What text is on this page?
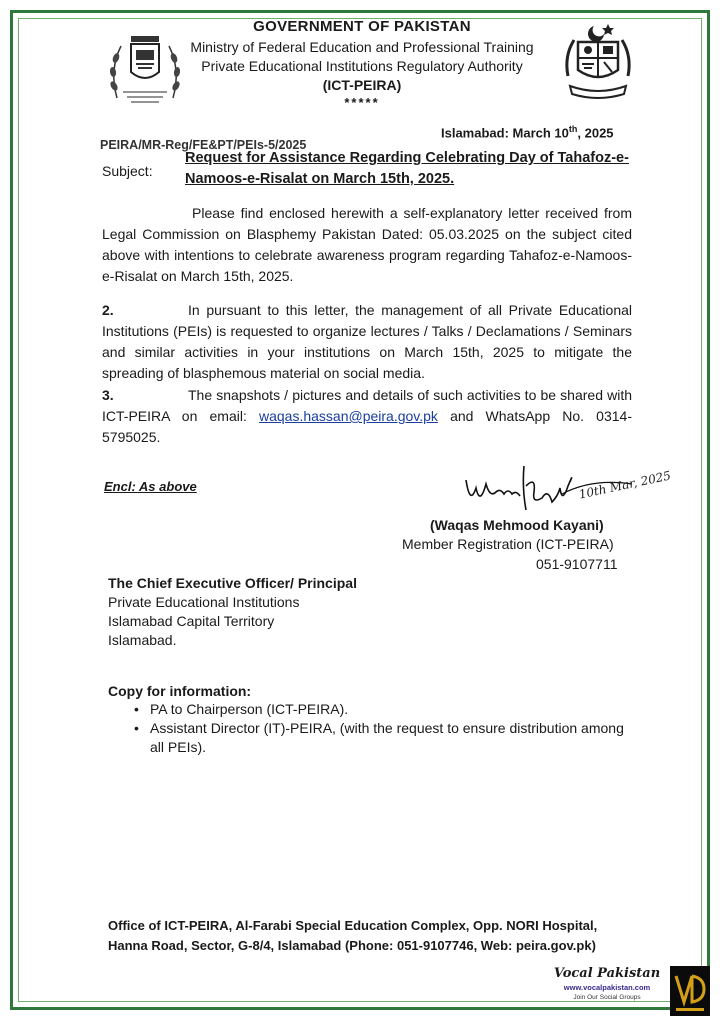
GOVERNMENT OF PAKISTAN
Ministry of Federal Education and Professional Training
Private Educational Institutions Regulatory Authority
(ICT-PEIRA)
*****
PEIRA/MR-Reg/FE&PT/PEIs-5/2025
Islamabad: March 10th, 2025
Subject:
Request for Assistance Regarding Celebrating Day of Tahafoz-e-Namoos-e-Risalat on March 15th, 2025.
Please find enclosed herewith a self-explanatory letter received from Legal Commission on Blasphemy Pakistan Dated: 05.03.2025 on the subject cited above with intentions to celebrate awareness program regarding Tahafoz-e-Namoos-e-Risalat on March 15th, 2025.
2.	In pursuant to this letter, the management of all Private Educational Institutions (PEIs) is requested to organize lectures / Talks / Declamations / Seminars and similar activities in your institutions on March 15th, 2025 to mitigate the spreading of blasphemous material on social media.
3.	The snapshots / pictures and details of such activities to be shared with ICT-PEIRA on email: waqas.hassan@peira.gov.pk and WhatsApp No. 0314-5795025.
Encl: As above	10th Mar, 2025
(Waqas Mehmood Kayani)
Member Registration (ICT-PEIRA)
051-9107711
The Chief Executive Officer/ Principal
Private Educational Institutions
Islamabad Capital Territory
Islamabad.
Copy for information:
• PA to Chairperson (ICT-PEIRA).
• Assistant Director (IT)-PEIRA, (with the request to ensure distribution among all PEIs).
Office of ICT-PEIRA, Al-Farabi Special Education Complex, Opp. NORI Hospital,
Hanna Road, Sector, G-8/4, Islamabad (Phone: 051-9107746, Web: peira.gov.pk)
Vocal Pakistan
www.vocalpakistan.com
Join Our Social Groups
